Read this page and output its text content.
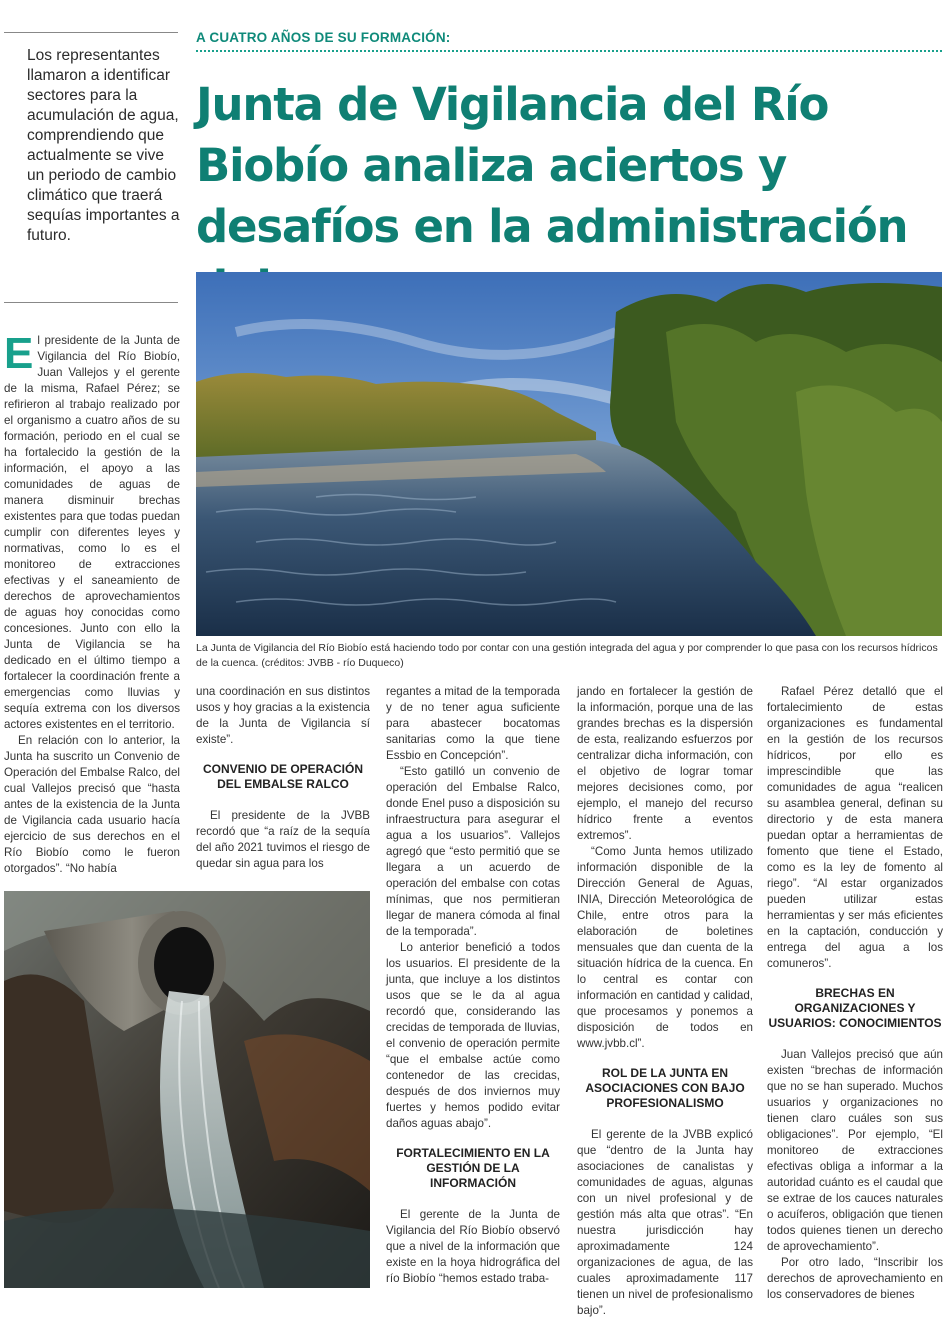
A CUATRO AÑOS DE SU FORMACIÓN:
Junta de Vigilancia del Río Biobío analiza aciertos y desafíos en la administración
Los representantes llamaron a identificar sectores para la acumulación de agua, comprendiendo que actualmente se vive un periodo de cambio climático que traerá sequías importantes a futuro.
La Junta de Vigilancia del Río Biobío está haciendo todo por contar con una gestión integrada del agua y por comprender lo que pasa con los recursos hídricos de la cuenca. (créditos: JVBB - río Duqueco)

El presidente de la Junta de Vigilancia del Río Biobío, Juan Vallejos y el gerente de la misma, Rafael Pérez; se refirieron al trabajo realizado por el organismo a cuatro años de su formación, periodo en el cual se ha fortalecido la gestión de la información, el apoyo a las comunidades de aguas de manera disminuir brechas existentes para que todas puedan cumplir con diferentes leyes y normativas, como lo es el monitoreo de extracciones efectivas y el saneamiento de derechos de aprovechamientos de aguas hoy conocidas como concesiones. Junto con ello la Junta de Vigilancia se ha dedicado en el último tiempo a fortalecer la coordinación frente a emergencias como lluvias y sequía extrema con los diversos actores existentes en el territorio.

En relación con lo anterior, la Junta ha suscrito un Convenio de Operación del Embalse Ralco, del cual Vallejos precisó que “hasta antes de la existencia de la Junta de Vigilancia cada usuario hacía ejercicio de sus derechos en el Río Biobío como le fueron otorgados”. “No había

una coordinación en sus distintos usos y hoy gracias a la existencia de la Junta de Vigilancia sí existe”.

CONVENIO DE OPERACIÓN DEL EMBALSE RALCO

El presidente de la JVBB recordó que “a raíz de la sequía del año 2021 tuvimos el riesgo de quedar sin agua para los

regantes a mitad de la temporada y de no tener agua suficiente para abastecer bocatomas sanitarias como la que tiene Essbio en Concepción”.

“Esto gatilló un convenio de operación del Embalse Ralco, donde Enel puso a disposición su infraestructura para asegurar el agua a los usuarios”. Vallejos agregó que “esto permitió que se llegara a un acuerdo de operación del embalse con cotas mínimas, que nos permitieran llegar de manera cómoda al final de la temporada”.

Lo anterior benefició a todos los usuarios. El presidente de la junta, que incluye a los distintos usos que se le da al agua recordó que, considerando las crecidas de temporada de lluvias, el convenio de operación permite “que el embalse actúe como contenedor de las crecidas, después de dos inviernos muy fuertes y hemos podido evitar daños aguas abajo”.

FORTALECIMIENTO EN LA GESTIÓN DE LA INFORMACIÓN

El gerente de la Junta de Vigilancia del Río Biobío observó que a nivel de la información que existe en la hoya hidrográfica del río Biobío “hemos estado traba-

jando en fortalecer la gestión de la información, porque una de las grandes brechas es la dispersión de esta, realizando esfuerzos por centralizar dicha información, con el objetivo de lograr tomar mejores decisiones como, por ejemplo, el manejo del recurso hídrico frente a eventos extremos”.

“Como Junta hemos utilizado información disponible de la Dirección General de Aguas, INIA, Dirección Meteorológica de Chile, entre otros para la elaboración de boletines mensuales que dan cuenta de la situación hídrica de la cuenca. En lo central es contar con información en cantidad y calidad, que procesamos y ponemos a disposición de todos en www.jvbb.cl”.

ROL DE LA JUNTA EN ASOCIACIONES CON BAJO PROFESIONALISMO

El gerente de la JVBB explicó que “dentro de la Junta hay asociaciones de canalistas y comunidades de aguas, algunas con un nivel profesional y de gestión más alta que otras”. “En nuestra jurisdicción hay aproximadamente 124 organizaciones de agua, de las cuales aproximadamente 117 tienen un nivel de profesionalismo bajo”.

Rafael Pérez detalló que el fortalecimiento de estas organizaciones es fundamental en la gestión de los recursos hídricos, por ello es imprescindible que las comunidades de agua “realicen su asamblea general, definan su directorio y de esta manera puedan optar a herramientas de fomento que tiene el Estado, como es la ley de fomento al riego”. “Al estar organizados pueden utilizar estas herramientas y ser más eficientes en la captación, conducción y entrega del agua a los comuneros”.

BRECHAS EN ORGANIZACIONES Y USUARIOS: CONOCIMIENTOS

Juan Vallejos precisó que aún existen “brechas de información que no se han superado. Muchos usuarios y organizaciones no tienen claro cuáles son sus obligaciones”. Por ejemplo, “El monitoreo de extracciones efectivas obliga a informar a la autoridad cuánto es el caudal que se extrae de los cauces naturales o acuíferos, obligación que tienen todos quienes tienen un derecho de aprovechamiento”.

Por otro lado, “Inscribir los derechos de aprovechamiento en los conservadores de bienes
